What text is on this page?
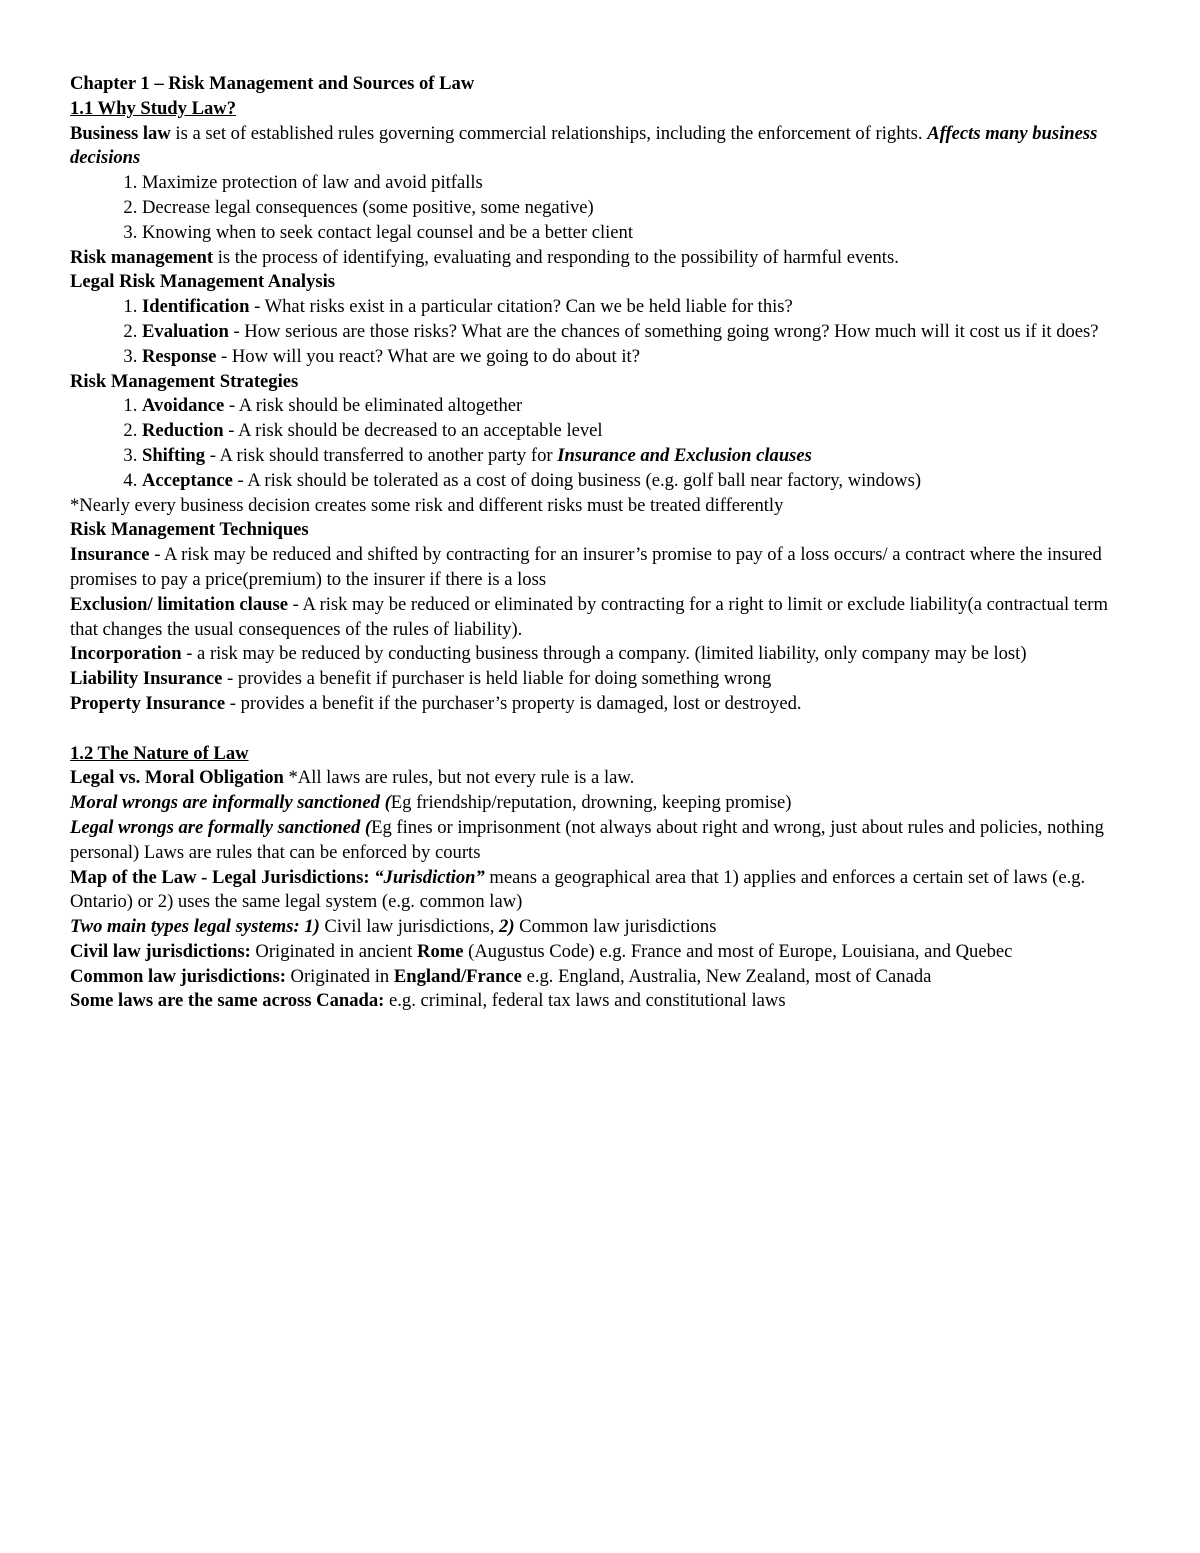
Chapter 1 – Risk Management and Sources of Law

1.1 Why Study Law?

Business law is a set of established rules governing commercial relationships, including the enforcement of rights. Affects many business decisions

1. Maximize protection of law and avoid pitfalls
2. Decrease legal consequences (some positive, some negative)
3. Knowing when to seek contact legal counsel and be a better client

Risk management is the process of identifying, evaluating and responding to the possibility of harmful events.

Legal Risk Management Analysis

1. Identification - What risks exist in a particular citation? Can we be held liable for this?
2. Evaluation - How serious are those risks? What are the chances of something going wrong? How much will it cost us if it does?
3. Response - How will you react? What are we going to do about it?

Risk Management Strategies

1. Avoidance - A risk should be eliminated altogether
2. Reduction - A risk should be decreased to an acceptable level
3. Shifting - A risk should transferred to another party for Insurance and Exclusion clauses
4. Acceptance - A risk should be tolerated as a cost of doing business (e.g. golf ball near factory, windows)

*Nearly every business decision creates some risk and different risks must be treated differently

Risk Management Techniques

Insurance - A risk may be reduced and shifted by contracting for an insurer’s promise to pay of a loss occurs/ a contract where the insured promises to pay a price(premium) to the insurer if there is a loss

Exclusion/ limitation clause - A risk may be reduced or eliminated by contracting for a right to limit or exclude liability(a contractual term that changes the usual consequences of the rules of liability).

Incorporation - a risk may be reduced by conducting business through a company. (limited liability, only company may be lost)

Liability Insurance - provides a benefit if purchaser is held liable for doing something wrong

Property Insurance - provides a benefit if the purchaser’s property is damaged, lost or destroyed.

1.2 The Nature of Law

Legal vs. Moral Obligation *All laws are rules, but not every rule is a law.

Moral wrongs are informally sanctioned (Eg friendship/reputation, drowning, keeping promise)

Legal wrongs are formally sanctioned (Eg fines or imprisonment (not always about right and wrong, just about rules and policies, nothing personal) Laws are rules that can be enforced by courts

Map of the Law - Legal Jurisdictions: “Jurisdiction” means a geographical area that 1) applies and enforces a certain set of laws (e.g. Ontario) or 2) uses the same legal system (e.g. common law)

Two main types legal systems: 1) Civil law jurisdictions, 2) Common law jurisdictions

Civil law jurisdictions: Originated in ancient Rome (Augustus Code) e.g. France and most of Europe, Louisiana, and Quebec

Common law jurisdictions: Originated in England/France e.g. England, Australia, New Zealand, most of Canada

Some laws are the same across Canada: e.g. criminal, federal tax laws and constitutional laws
